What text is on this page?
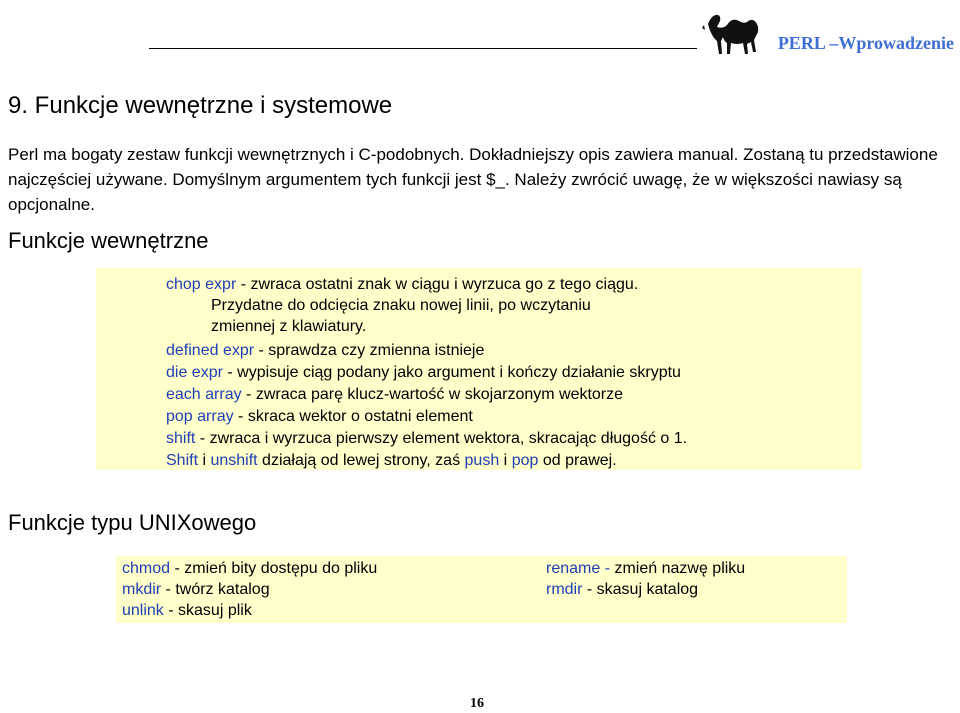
PERL –Wprowadzenie
9. Funkcje wewnętrzne i systemowe
Perl ma bogaty zestaw funkcji wewnętrznych i C-podobnych. Dokładniejszy opis zawiera manual. Zostaną tu przedstawione najczęściej używane. Domyślnym argumentem tych funkcji jest $_. Należy zwrócić uwagę, że w większości nawiasy są opcjonalne.
Funkcje wewnętrzne
chop expr - zwraca ostatni znak w ciągu i wyrzuca go z tego ciągu.
Przydatne do odcięcia znaku nowej linii, po wczytaniu
zmiennej z klawiatury.
defined expr - sprawdza czy zmienna istnieje
die expr - wypisuje ciąg podany jako argument i kończy działanie skryptu
each array - zwraca parę klucz-wartość w skojarzonym wektorze
pop array - skraca wektor o ostatni element
shift - zwraca i wyrzuca pierwszy element wektora, skracając długość o 1.
Shift i unshift działają od lewej strony, zaś push i pop od prawej.
Funkcje typu UNIXowego
chmod - zmień bity dostępu do pliku
mkdir - twórz katalog
unlink - skasuj plik
rename - zmień nazwę pliku
rmdir - skasuj katalog
16
